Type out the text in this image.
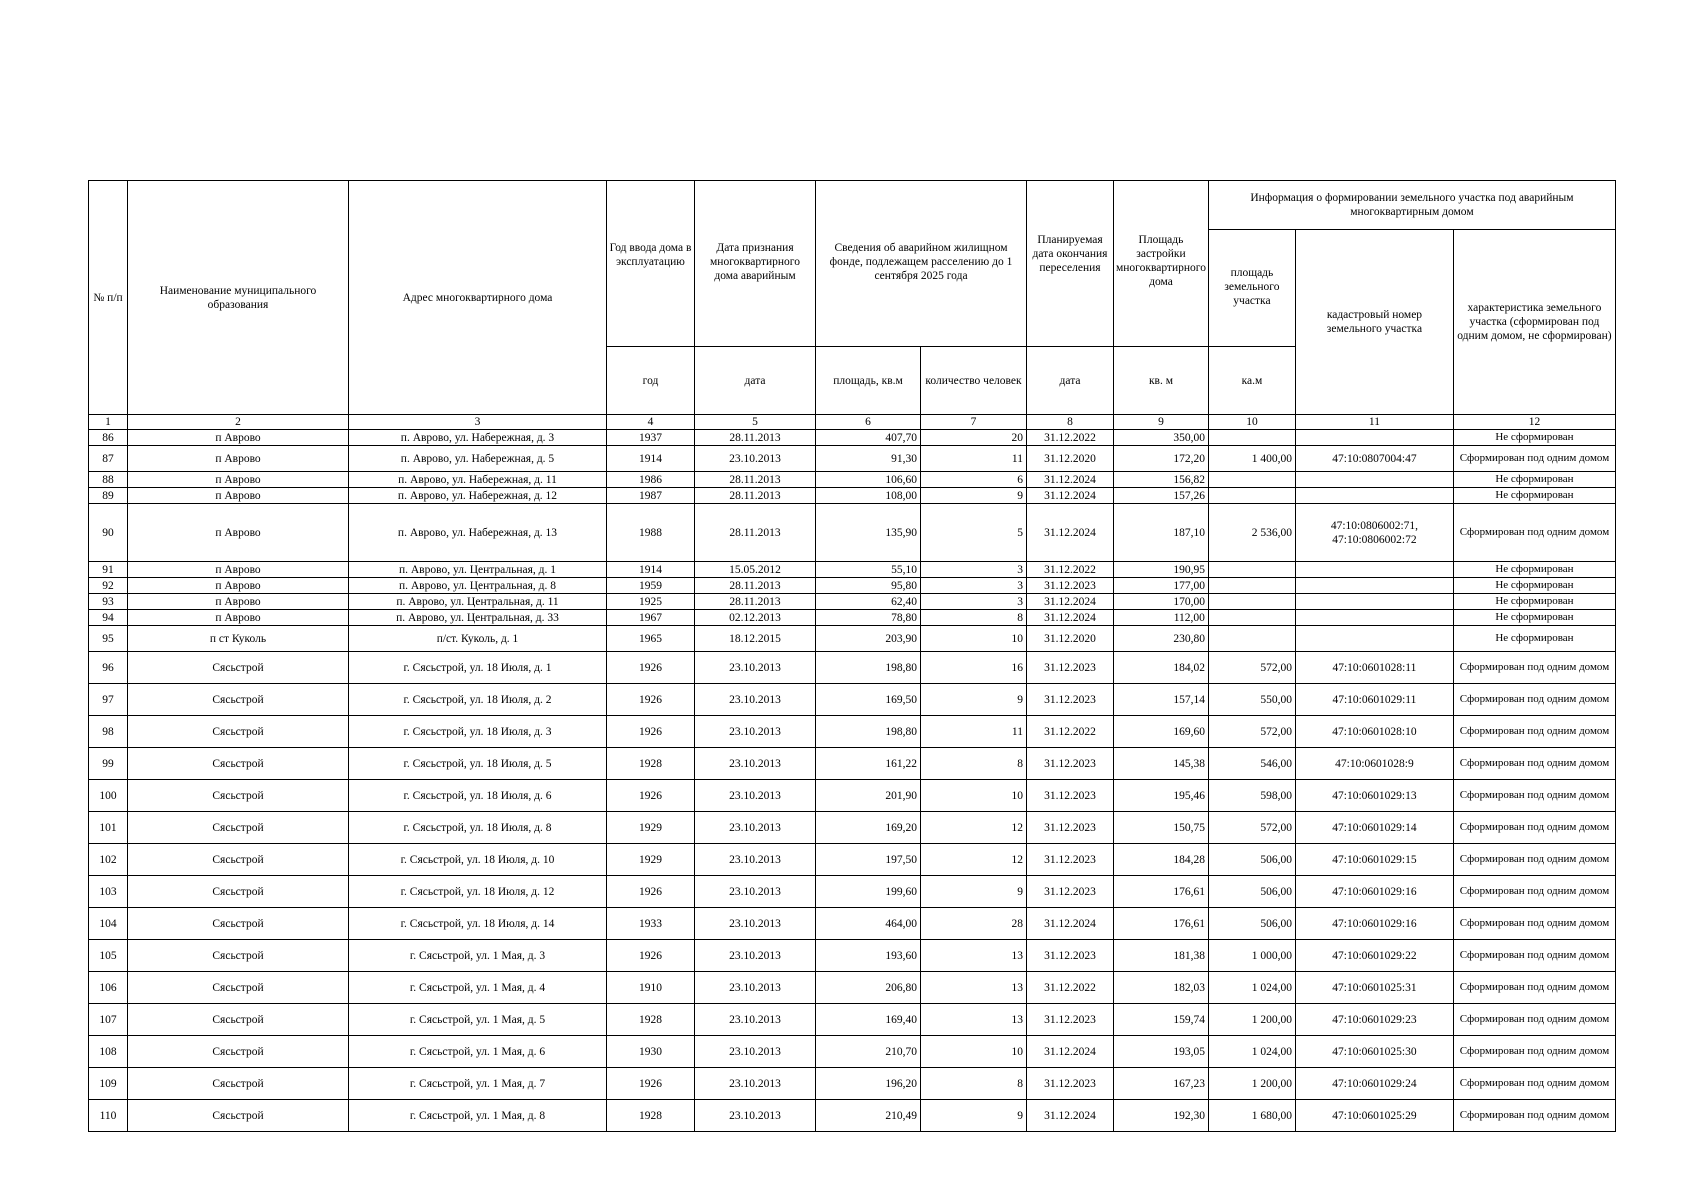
№ п/п	Наименование муниципального образования	Адрес многоквартирного дома	Год ввода дома в эксплуатацию	Дата признания многоквартирного дома аварийным	Сведения об аварийном жилищном фонде, подлежащем расселению до 1 сентября 2025 года		Планируемая дата окончания переселения	Площадь застройки многоквартирного дома	Информация о формировании земельного участка под аварийным многоквартирным домом		
									площадь земельного участка	кадастровый номер земельного участка	характеристика земельного участка (сформирован под одним домом, не сформирован)
			год	дата	площадь, кв.м	количество человек	дата	кв. м	ка.м		
1	2	3	4	5	6	7	8	9	10	11	12
86	п Аврово	п. Аврово, ул. Набережная, д. 3	1937	28.11.2013	407,70	20	31.12.2022	350,00			Не сформирован
87	п Аврово	п. Аврово, ул. Набережная, д. 5	1914	23.10.2013	91,30	11	31.12.2020	172,20	1 400,00	47:10:0807004:47	Сформирован под одним домом
88	п Аврово	п. Аврово, ул. Набережная, д. 11	1986	28.11.2013	106,60	6	31.12.2024	156,82			Не сформирован
89	п Аврово	п. Аврово, ул. Набережная, д. 12	1987	28.11.2013	108,00	9	31.12.2024	157,26			Не сформирован
90	п Аврово	п. Аврово, ул. Набережная, д. 13	1988	28.11.2013	135,90	5	31.12.2024	187,10	2 536,00	47:10:0806002:71, 47:10:0806002:72	Сформирован под одним домом
91	п Аврово	п. Аврово, ул. Центральная, д. 1	1914	15.05.2012	55,10	3	31.12.2022	190,95			Не сформирован
92	п Аврово	п. Аврово, ул. Центральная, д. 8	1959	28.11.2013	95,80	3	31.12.2023	177,00			Не сформирован
93	п Аврово	п. Аврово, ул. Центральная, д. 11	1925	28.11.2013	62,40	3	31.12.2024	170,00			Не сформирован
94	п Аврово	п. Аврово, ул. Центральная, д. 33	1967	02.12.2013	78,80	8	31.12.2024	112,00			Не сформирован
95	п ст Куколь	п/ст. Куколь, д. 1	1965	18.12.2015	203,90	10	31.12.2020	230,80			Не сформирован
96	Сясьстрой	г. Сясьстрой, ул. 18 Июля, д. 1	1926	23.10.2013	198,80	16	31.12.2023	184,02	572,00	47:10:0601028:11	Сформирован под одним домом
97	Сясьстрой	г. Сясьстрой, ул. 18 Июля, д. 2	1926	23.10.2013	169,50	9	31.12.2023	157,14	550,00	47:10:0601029:11	Сформирован под одним домом
98	Сясьстрой	г. Сясьстрой, ул. 18 Июля, д. 3	1926	23.10.2013	198,80	11	31.12.2022	169,60	572,00	47:10:0601028:10	Сформирован под одним домом
99	Сясьстрой	г. Сясьстрой, ул. 18 Июля, д. 5	1928	23.10.2013	161,22	8	31.12.2023	145,38	546,00	47:10:0601028:9	Сформирован под одним домом
100	Сясьстрой	г. Сясьстрой, ул. 18 Июля, д. 6	1926	23.10.2013	201,90	10	31.12.2023	195,46	598,00	47:10:0601029:13	Сформирован под одним домом
101	Сясьстрой	г. Сясьстрой, ул. 18 Июля, д. 8	1929	23.10.2013	169,20	12	31.12.2023	150,75	572,00	47:10:0601029:14	Сформирован под одним домом
102	Сясьстрой	г. Сясьстрой, ул. 18 Июля, д. 10	1929	23.10.2013	197,50	12	31.12.2023	184,28	506,00	47:10:0601029:15	Сформирован под одним домом
103	Сясьстрой	г. Сясьстрой, ул. 18 Июля, д. 12	1926	23.10.2013	199,60	9	31.12.2023	176,61	506,00	47:10:0601029:16	Сформирован под одним домом
104	Сясьстрой	г. Сясьстрой, ул. 18 Июля, д. 14	1933	23.10.2013	464,00	28	31.12.2024	176,61	506,00	47:10:0601029:16	Сформирован под одним домом
105	Сясьстрой	г. Сясьстрой, ул. 1 Мая, д. 3	1926	23.10.2013	193,60	13	31.12.2023	181,38	1 000,00	47:10:0601029:22	Сформирован под одним домом
106	Сясьстрой	г. Сясьстрой, ул. 1 Мая, д. 4	1910	23.10.2013	206,80	13	31.12.2022	182,03	1 024,00	47:10:0601025:31	Сформирован под одним домом
107	Сясьстрой	г. Сясьстрой, ул. 1 Мая, д. 5	1928	23.10.2013	169,40	13	31.12.2023	159,74	1 200,00	47:10:0601029:23	Сформирован под одним домом
108	Сясьстрой	г. Сясьстрой, ул. 1 Мая, д. 6	1930	23.10.2013	210,70	10	31.12.2024	193,05	1 024,00	47:10:0601025:30	Сформирован под одним домом
109	Сясьстрой	г. Сясьстрой, ул. 1 Мая, д. 7	1926	23.10.2013	196,20	8	31.12.2023	167,23	1 200,00	47:10:0601029:24	Сформирован под одним домом
110	Сясьстрой	г. Сясьстрой, ул. 1 Мая, д. 8	1928	23.10.2013	210,49	9	31.12.2024	192,30	1 680,00	47:10:0601025:29	Сформирован под одним домом
